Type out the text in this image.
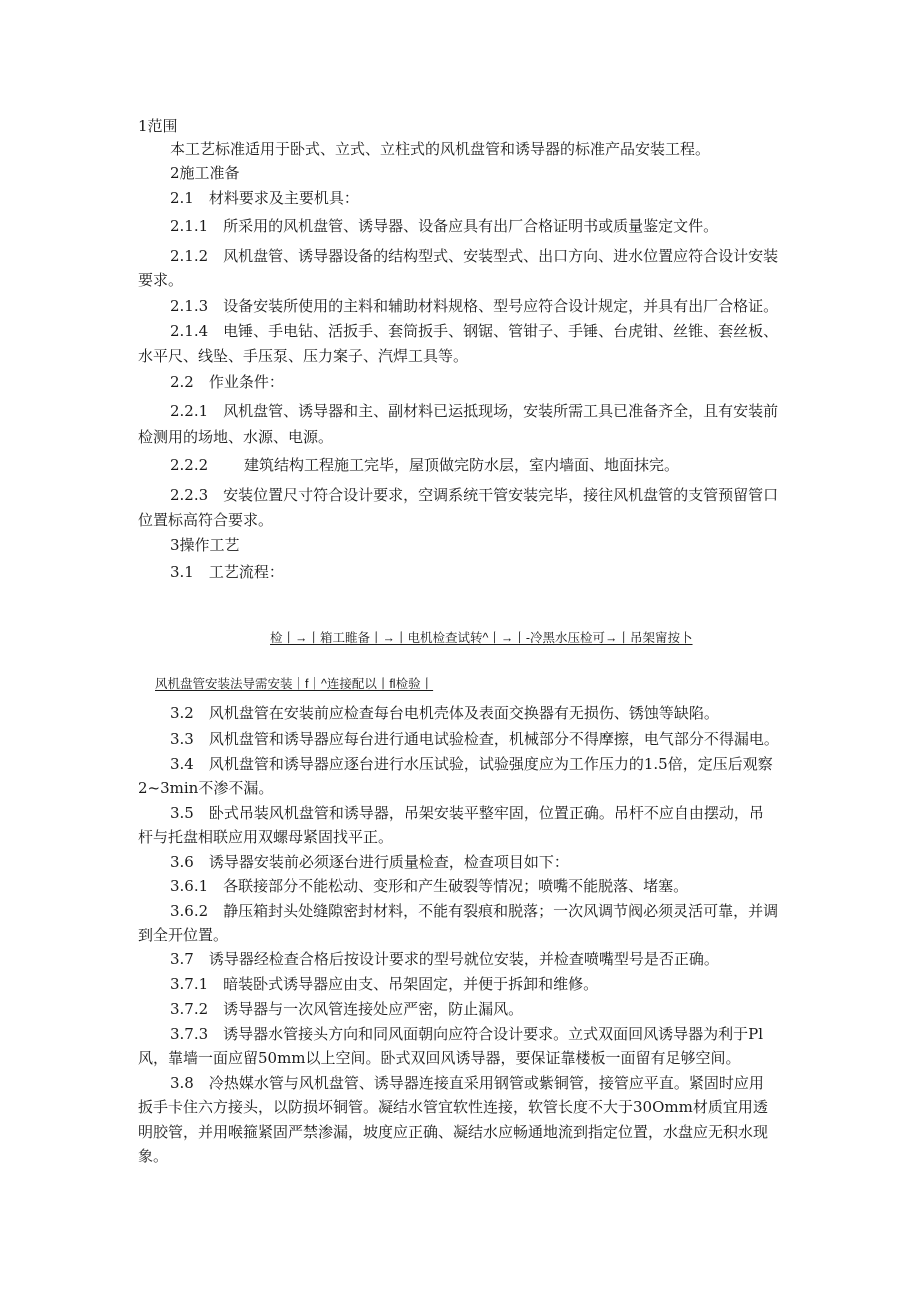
1范围
本工艺标准适用于卧式、立式、立柱式的风机盘管和诱导器的标准产品安装工程。
2施工准备
2.1　材料要求及主要机具：
2.1.1　所采用的风机盘管、诱导器、设备应具有出厂合格证明书或质量鉴定文件。
2.1.2　风机盘管、诱导器设备的结构型式、安装型式、出口方向、进水位置应符合设计安装
要求。
2.1.3　设备安装所使用的主料和辅助材料规格、型号应符合设计规定，并具有出厂合格证。
2.1.4　电锤、手电钻、活扳手、套筒扳手、钢锯、管钳子、手锤、台虎钳、丝锥、套丝板、
水平尺、线坠、手压泵、压力案子、汽焊工具等。
2.2　作业条件：
2.2.1　风机盘管、诱导器和主、副材料已运抵现场，安装所需工具已准备齐全，且有安装前
检测用的场地、水源、电源。
2.2.2 建筑结构工程施工完毕，屋顶做完防水层，室内墙面、地面抹完。
2.2.3　安装位置尺寸符合设计要求，空调系统干管安装完毕，接往风机盘管的支管预留管口
位置标高符合要求。
3操作工艺
3.1　工艺流程：
检丨→丨箱工睢备丨→丨电机检查试转^丨→丨-冷黑水压检可→丨吊架甯按卜
风机盘管安装法导需安装｜f｜^连接配以丨fl检验丨
3.2　风机盘管在安装前应检查每台电机壳体及表面交换器有无损伤、锈蚀等缺陷。
3.3　风机盘管和诱导器应每台进行通电试验检查，机械部分不得摩擦，电气部分不得漏电。
3.4　风机盘管和诱导器应逐台进行水压试验，试验强度应为工作压力的1.5倍，定压后观察
2~3min不渗不漏。
3.5　卧式吊装风机盘管和诱导器，吊架安装平整牢固，位置正确。吊杆不应自由摆动，吊
杆与托盘相联应用双螺母紧固找平正。
3.6　诱导器安装前必须逐台进行质量检查，检查项目如下：
3.6.1　各联接部分不能松动、变形和产生破裂等情况；喷嘴不能脱落、堵塞。
3.6.2　静压箱封头处缝隙密封材料，不能有裂痕和脱落；一次风调节阀必须灵活可靠，并调
到全开位置。
3.7　诱导器经检查合格后按设计要求的型号就位安装，并检查喷嘴型号是否正确。
3.7.1　暗装卧式诱导器应由支、吊架固定，并便于拆卸和维修。
3.7.2　诱导器与一次风管连接处应严密，防止漏风。
3.7.3　诱导器水管接头方向和同风面朝向应符合设计要求。立式双面回风诱导器为利于Pl
风，靠墙一面应留50mm以上空间。卧式双回风诱导器，要保证靠楼板一面留有足够空间。
3.8　冷热媒水管与风机盘管、诱导器连接直采用钢管或紫铜管，接管应平直。紧固时应用
扳手卡住六方接头，以防损坏铜管。凝结水管宜软性连接，软管长度不大于30Omm材质宜用透
明胶管，并用喉箍紧固严禁渗漏，坡度应正确、凝结水应畅通地流到指定位置，水盘应无积水现
象。
